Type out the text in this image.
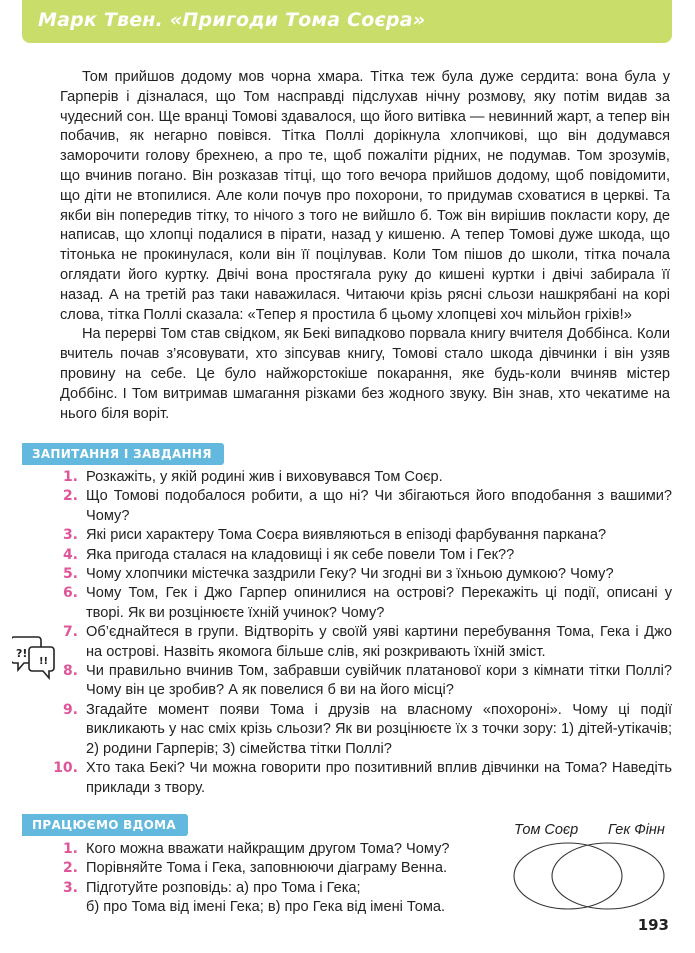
Марк Твен. «Пригоди Тома Соєра»

Том прийшов додому мов чорна хмара. Тітка теж була дуже сердита: вона була у Гарперів і дізналася, що Том насправді підслухав нічну розмову, яку потім видав за чудесний сон. Ще вранці Томові здавалося, що його витівка — невинний жарт, а тепер він побачив, як негарно повівся. Тітка Поллі дорікнула хлопчикові, що він додумався заморочити голову брехнею, а про те, щоб пожаліти рідних, не подумав. Том зрозумів, що вчинив погано. Він розказав тітці, що того вечора прийшов додому, щоб повідомити, що діти не втопилися. Але коли почув про похорони, то придумав сховатися в церкві. Та якби він попередив тітку, то нічого з того не вийшло б. Тож він вирішив покласти кору, де написав, що хлопці подалися в пірати, назад у кишеню. А тепер Томові дуже шкода, що тітонька не прокинулася, коли він її поцілував. Коли Том пішов до школи, тітка почала оглядати його куртку. Двічі вона простягала руку до кишені куртки і двічі забирала її назад. А на третій раз таки наважилася. Читаючи крізь рясні сльози нашкрябані на корі слова, тітка Поллі сказала: «Тепер я простила б цьому хлопцеві хоч мільйон гріхів!»

На перерві Том став свідком, як Бекі випадково порвала книгу вчителя Доббінса. Коли вчитель почав з’ясовувати, хто зіпсував книгу, Томові стало шкода дівчинки і він узяв провину на себе. Це було найжорстокіше покарання, яке будь-коли вчиняв містер Доббінс. І Том витримав шмагання різками без жодного звуку. Він знав, хто чекатиме на нього біля воріт.

ЗАПИТАННЯ І ЗАВДАННЯ
1. Розкажіть, у якій родині жив і виховувався Том Соєр.
2. Що Томові подобалося робити, а що ні? Чи збігаються його вподобання з вашими? Чому?
3. Які риси характеру Тома Соєра виявляються в епізоді фарбування паркана?
4. Яка пригода сталася на кладовищі і як себе повели Том і Гек??
5. Чому хлопчики містечка заздрили Геку? Чи згодні ви з їхньою думкою? Чому?
6. Чому Том, Гек і Джо Гарпер опинилися на острові? Перекажіть ці події, описані у творі. Як ви розцінюєте їхній учинок? Чому?
7. Об’єднайтеся в групи. Відтворіть у своїй уяві картини перебування Тома, Гека і Джо на острові. Назвіть якомога більше слів, які розкривають їхній зміст.
8. Чи правильно вчинив Том, забравши сувійчик платанової кори з кімнати тітки Поллі? Чому він це зробив? А як повелися б ви на його місці?
9. Згадайте момент появи Тома і друзів на власному «похороні». Чому ці події викликають у нас сміх крізь сльози? Як ви розцінюєте їх з точки зору: 1) дітей-утікачів; 2) родини Гарперів; 3) сімейства тітки Поллі?
10. Хто така Бекі? Чи можна говорити про позитивний вплив дівчинки на Тома? Наведіть приклади з твору.
?!
!!
ПРАЦЮЄМО ВДОМА
1. Кого можна вважати найкращим другом Тома? Чому?
2. Порівняйте Тома і Гека, заповнюючи діаграму Венна.
3. Підготуйте розповідь: а) про Тома і Гека;
б) про Тома від імені Гека; в) про Гека від імені Тома.
Том Соєр Гек Фінн
193
